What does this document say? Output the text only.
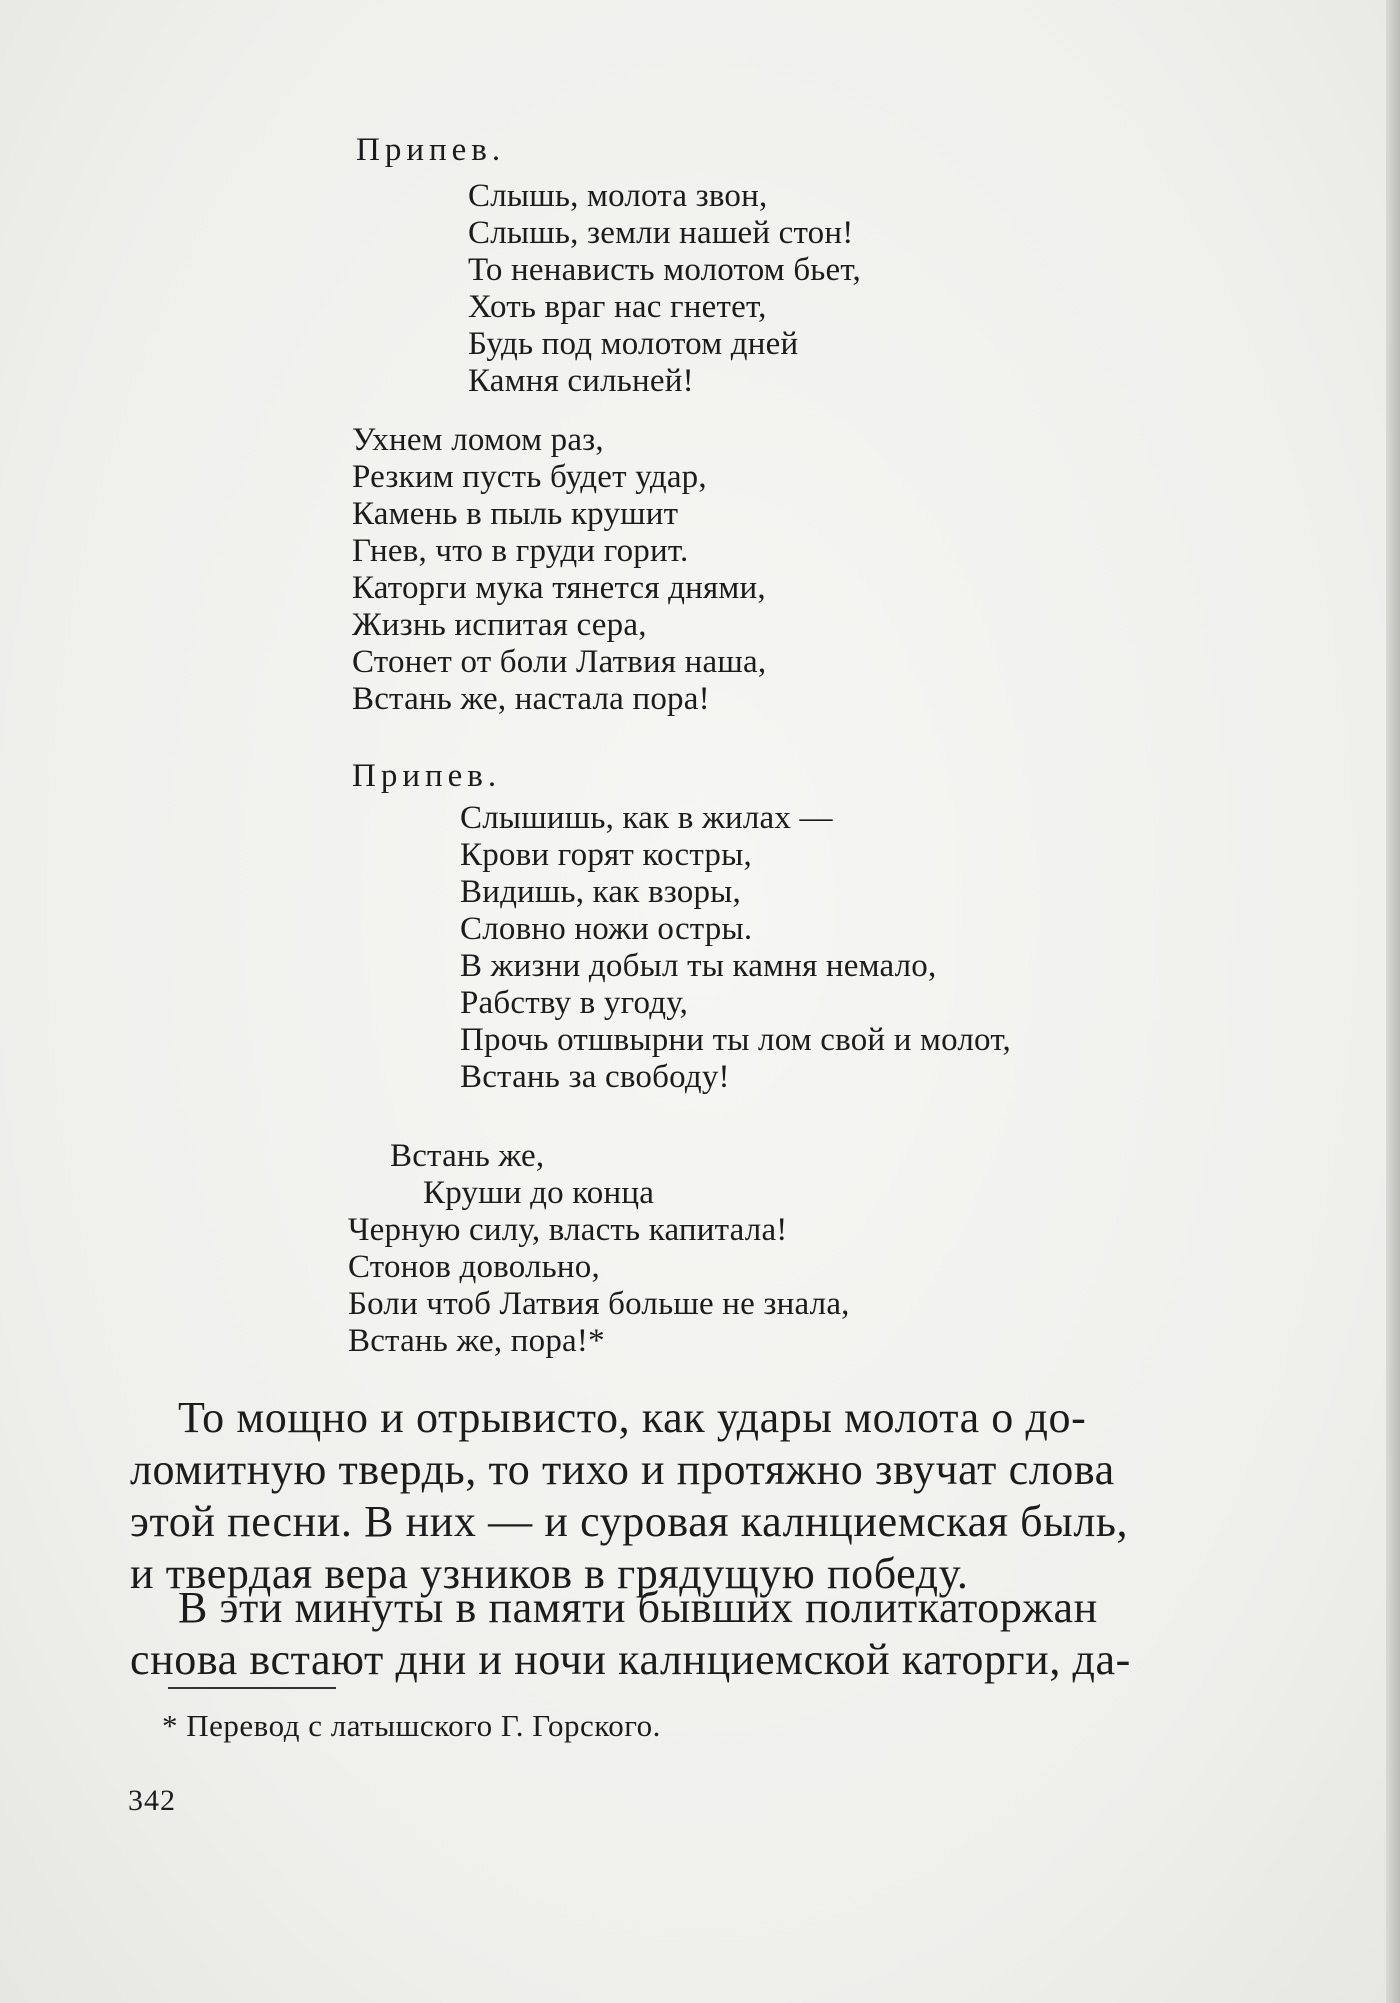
Припев.
Слышь, молота звон,
Слышь, земли нашей стон!
То ненависть молотом бьет,
Хоть враг нас гнетет,
Будь под молотом дней
Камня сильней!
Ухнем ломом раз,
Резким пусть будет удар,
Камень в пыль крушит
Гнев, что в груди горит.
Каторги мука тянется днями,
Жизнь испитая сера,
Стонет от боли Латвия наша,
Встань же, настала пора!
Припев.
Слышишь, как в жилах —
Крови горят костры,
Видишь, как взоры,
Словно ножи остры.
В жизни добыл ты камня немало,
Рабству в угоду,
Прочь отшвырни ты лом свой и молот,
Встань за свободу!
Встань же,
Круши до конца
Черную силу, власть капитала!
Стонов довольно,
Боли чтоб Латвия больше не знала,
Встань же, пора!*
То мощно и отрывисто, как удары молота о до-
ломитную твердь, то тихо и протяжно звучат слова
этой песни. В них — и суровая калнциемская быль,
и твердая вера узников в грядущую победу.
В эти минуты в памяти бывших политкаторжан
снова встают дни и ночи калнциемской каторги, да-
* Перевод с латышского Г. Горского.
342
